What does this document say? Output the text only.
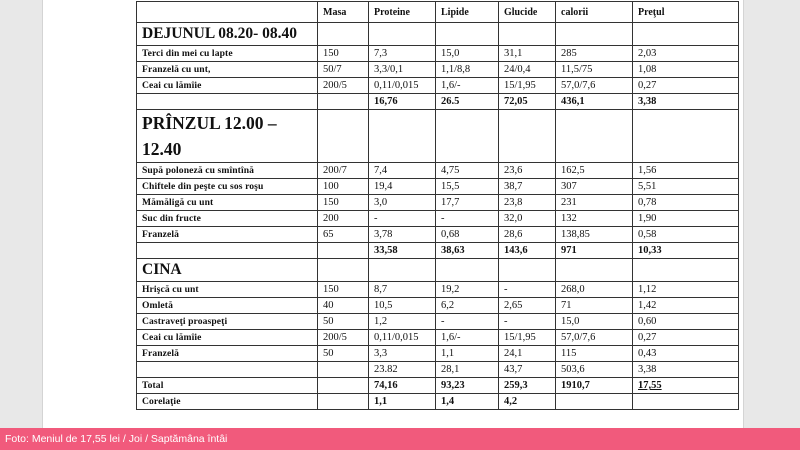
	Masa	Proteine	Lipide	Glucide	calorii	Preţul
DEJUNUL 08.20- 08.40						
Terci din mei cu lapte	150	7,3	15,0	31,1	285	2,03
Franzelă cu unt,	50/7	3,3/0,1	1,1/8,8	24/0,4	11,5/75	1,08
Ceai cu lămîie	200/5	0,11/0,015	1,6/-	15/1,95	57,0/7,6	0,27
		16,76	26.5	72,05	436,1	3,38
PRÎNZUL 12.00 – 12.40						
Supă poloneză cu smîntînă	200/7	7,4	4,75	23,6	162,5	1,56
Chiftele din peşte cu sos roşu	100	19,4	15,5	38,7	307	5,51
Mămăligă cu unt	150	3,0	17,7	23,8	231	0,78
Suc din fructe	200	-	-	32,0	132	1,90
Franzelă	65	3,78	0,68	28,6	138,85	0,58
		33,58	38,63	143,6	971	10,33
CINA						
Hrişcă cu unt	150	8,7	19,2	-	268,0	1,12
Omletă	40	10,5	6,2	2,65	71	1,42
Castraveţi proaspeţi	50	1,2	-	-	15,0	0,60
Ceai cu lămîie	200/5	0,11/0,015	1,6/-	15/1,95	57,0/7,6	0,27
Franzelă	50	3,3	1,1	24,1	115	0,43
		23.82	28,1	43,7	503,6	3,38
Total		74,16	93,23	259,3	1910,7	17,55
Corelaţie		1,1	1,4	4,2		
Foto: Meniul de 17,55 lei / Joi / Saptămâna întâi
